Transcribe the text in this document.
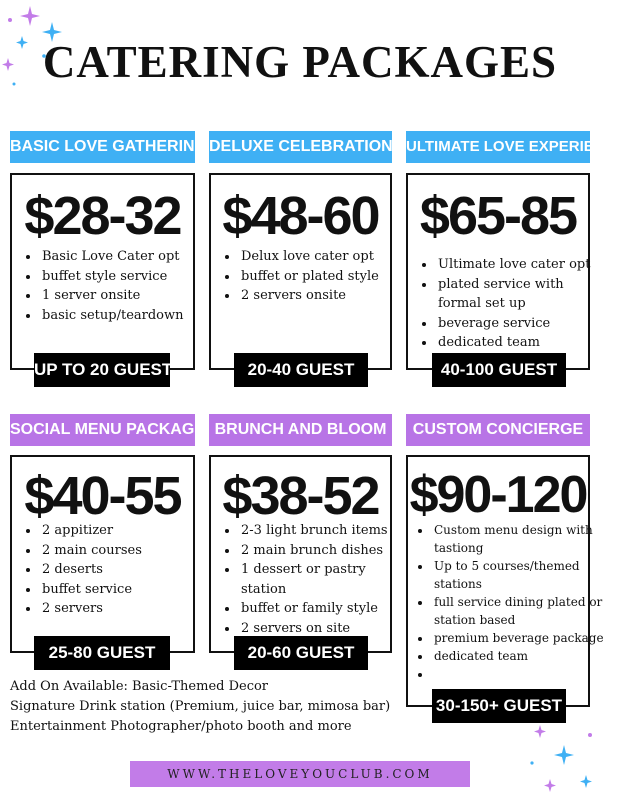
CATERING PACKAGES
BASIC LOVE GATHERING
$28-32
• Basic Love Cater opt
• buffet style service
• 1 server onsite
• basic setup/teardown
UP TO 20 GUEST
DELUXE CELEBRATION
$48-60
• Delux love cater opt
• buffet or plated style
• 2 servers onsite
20-40 GUEST
ULTIMATE LOVE EXPERIENCE
$65-85
• Ultimate love cater opt
• plated service with formal set up
• beverage service
• dedicated team
40-100 GUEST
SOCIAL MENU PACKAGE
$40-55
• 2 appitizer
• 2 main courses
• 2 deserts
• buffet service
• 2 servers
25-80 GUEST
BRUNCH AND BLOOM
$38-52
• 2-3 light brunch items
• 2 main brunch dishes
• 1 dessert or pastry station
• buffet or family style
• 2 servers on site
20-60 GUEST
CUSTOM CONCIERGE
$90-120
• Custom menu design with tastiong
• Up to 5 courses/themed stations
• full service dining plated or station based
• premium beverage package
• dedicated team
•
30-150+ GUEST
Add On Available: Basic-Themed Decor
Signature Drink station (Premium, juice bar, mimosa bar)
Entertainment Photographer/photo booth and more
WWW.THELOVEYOUCLUB.COM
